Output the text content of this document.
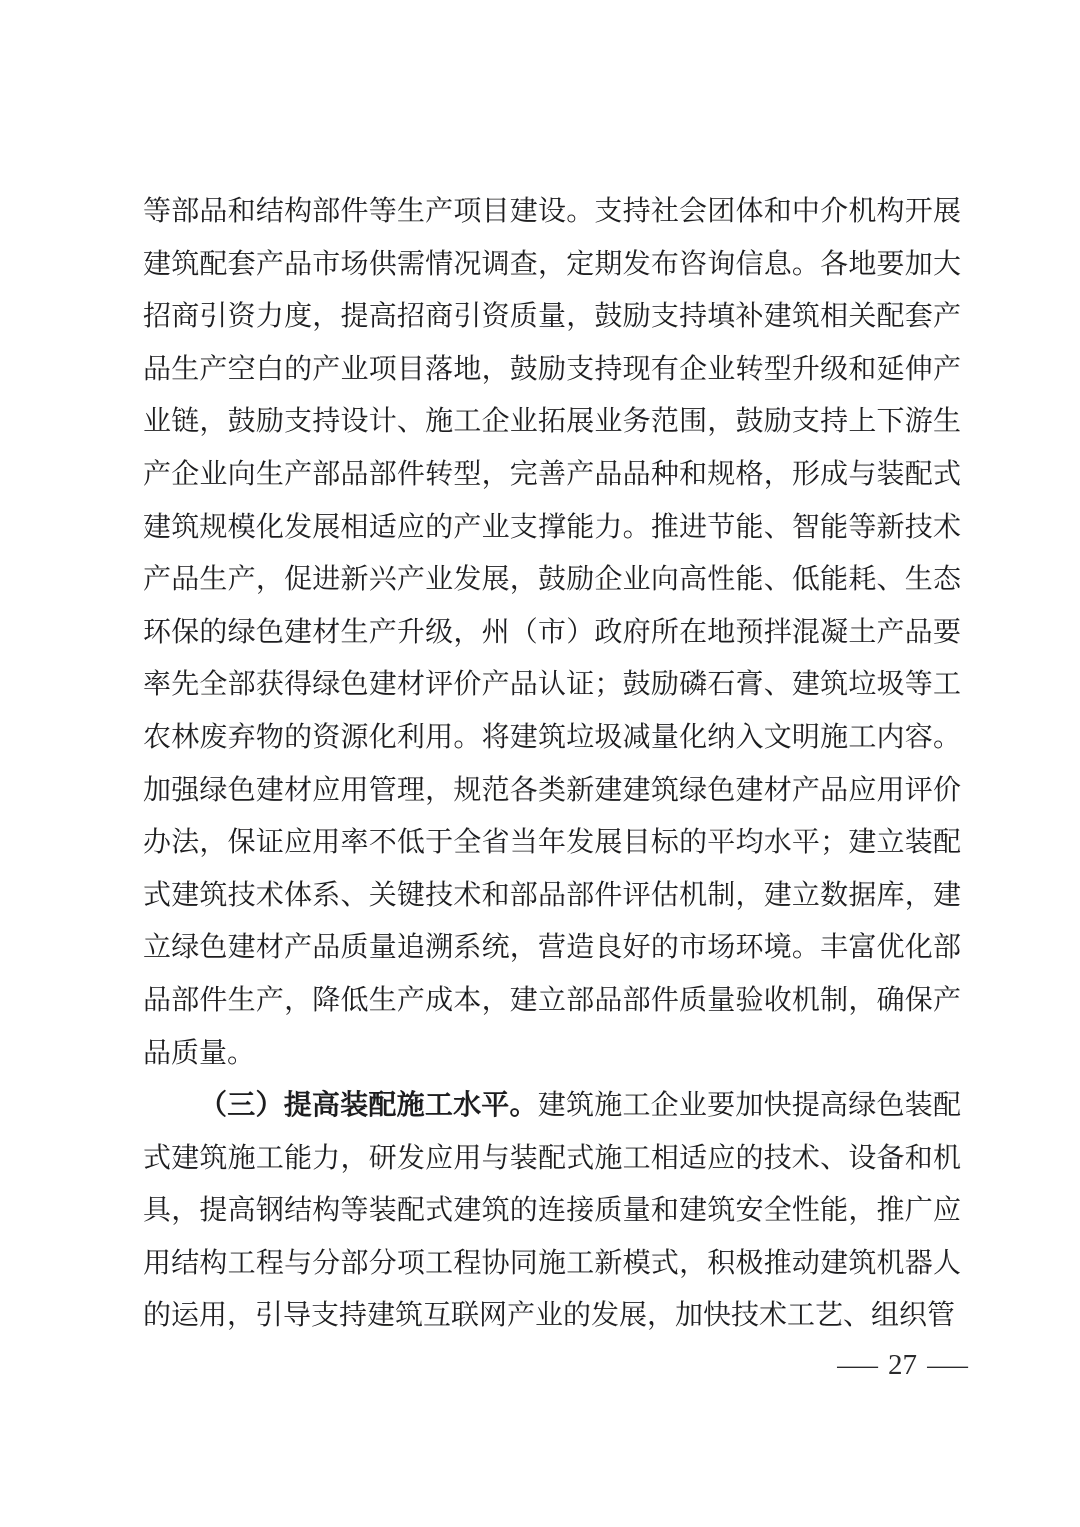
等部品和结构部件等生产项目建设。支持社会团体和中介机构开展建筑配套产品市场供需情况调查，定期发布咨询信息。各地要加大招商引资力度，提高招商引资质量，鼓励支持填补建筑相关配套产品生产空白的产业项目落地，鼓励支持现有企业转型升级和延伸产业链，鼓励支持设计、施工企业拓展业务范围，鼓励支持上下游生产企业向生产部品部件转型，完善产品品种和规格，形成与装配式建筑规模化发展相适应的产业支撑能力。推进节能、智能等新技术产品生产，促进新兴产业发展，鼓励企业向高性能、低能耗、生态环保的绿色建材生产升级，州（市）政府所在地预拌混凝土产品要率先全部获得绿色建材评价产品认证；鼓励磷石膏、建筑垃圾等工农林废弃物的资源化利用。将建筑垃圾减量化纳入文明施工内容。加强绿色建材应用管理，规范各类新建建筑绿色建材产品应用评价办法，保证应用率不低于全省当年发展目标的平均水平；建立装配式建筑技术体系、关键技术和部品部件评估机制，建立数据库，建立绿色建材产品质量追溯系统，营造良好的市场环境。丰富优化部品部件生产，降低生产成本，建立部品部件质量验收机制，确保产品质量。

（三）提高装配施工水平。建筑施工企业要加快提高绿色装配式建筑施工能力，研发应用与装配式施工相适应的技术、设备和机具，提高钢结构等装配式建筑的连接质量和建筑安全性能，推广应用结构工程与分部分项工程协同施工新模式，积极推动建筑机器人的运用，引导支持建筑互联网产业的发展，加快技术工艺、组织管

— 27 —
